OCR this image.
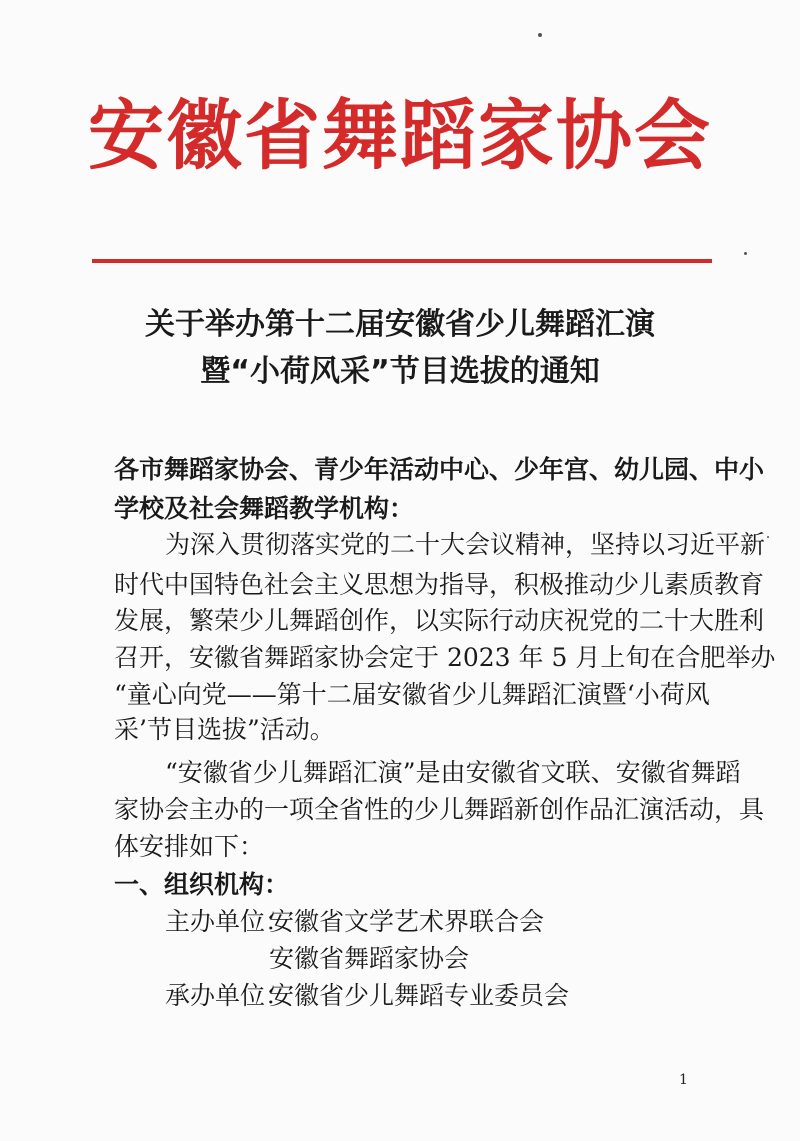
安徽省舞蹈家协会
关于举办第十二届安徽省少儿舞蹈汇演
暨“小荷风采”节目选拔的通知
各市舞蹈家协会、青少年活动中心、少年宫、幼儿园、中小
学校及社会舞蹈教学机构：
为深入贯彻落实党的二十大会议精神，坚持以习近平新
时代中国特色社会主义思想为指导，积极推动少儿素质教育
发展，繁荣少儿舞蹈创作，以实际行动庆祝党的二十大胜利
召开，安徽省舞蹈家协会定于 2023 年 5 月上旬在合肥举办
“童心向党——第十二届安徽省少儿舞蹈汇演暨‘小荷风
采’节目选拔”活动。
“安徽省少儿舞蹈汇演”是由安徽省文联、安徽省舞蹈
家协会主办的一项全省性的少儿舞蹈新创作品汇演活动，具
体安排如下：
一、组织机构：
主办单位：
安徽省文学艺术界联合会
安徽省舞蹈家协会
承办单位：
安徽省少儿舞蹈专业委员会
1
